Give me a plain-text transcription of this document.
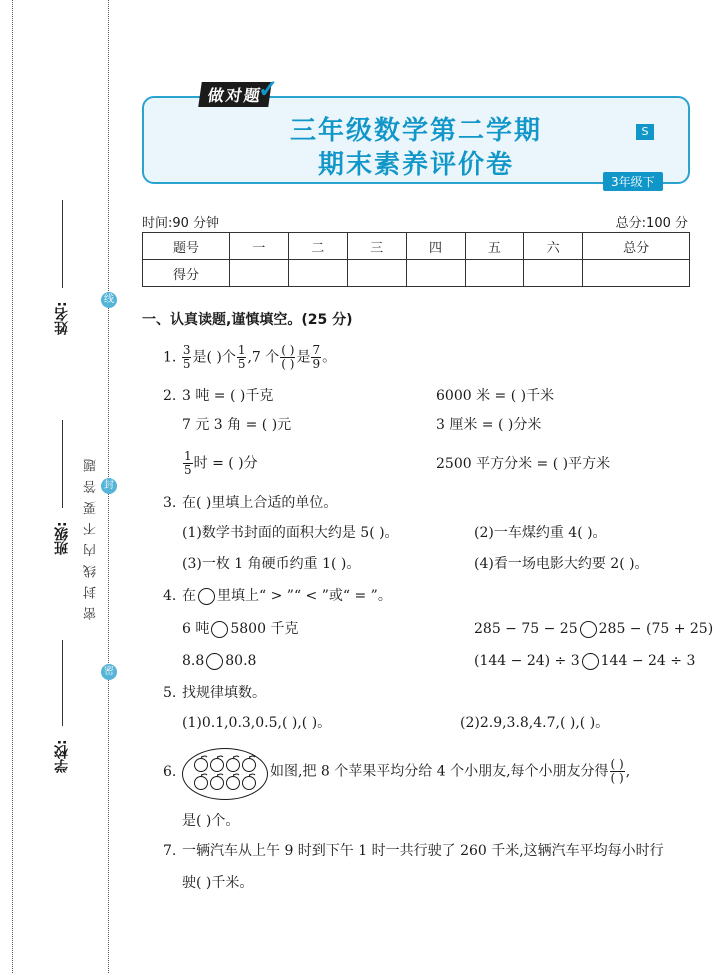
姓名:
班级:
学校:
密 封 线 内 不 要 答 题
线
封
密
三年级数学第二学期
期末素养评价卷
做对题
✓
S
3年级下
时间:90 分钟	总分:100 分
题号	一	二	三	四	五	六	总分
得分							
一、认真读题,谨慎填空。(25 分)
1. $\frac{3}{5}$ 是( )个 $\frac{1}{5} ,7$ 个 $\frac{( )}{( )}$ 是 $\frac{7}{9}$ 。
2. 3 吨 = ( )千克	6000 米 = ( )千米
7 元 3 角 = ( )元	3 厘米 = ( )分米
$\frac{1}{5}$ 时 = ( )分	2500 平方分米 = ( )平方米
3. 在( )里填上合适的单位。
(1)数学书封面的面积大约是 5( )。	(2)一车煤约重 4( )。
(3)一枚 1 角硬币约重 1( )。	(4)看一场电影大约要 2( )。
4. 在 里填上“ > ”“ < ”或“ = ”。
6 吨 5800 千克	285 − 75 − 25 285 − (75 + 25)
8.8 80.8	(144 − 24) ÷ 3 144 − 24 ÷ 3
5. 找规律填数。
(1)0.1,0.3,0.5,( ),( )。	(2)2.9,3.8,4.7,( ),( )。
6.	如图,把 8 个苹果平均分给 4 个小朋友,每个小朋友分得 $\frac{( )}{( )}$ ,
是( )个。
7. 一辆汽车从上午 9 时到下午 1 时一共行驶了 260 千米,这辆汽车平均每小时行
驶( )千米。
